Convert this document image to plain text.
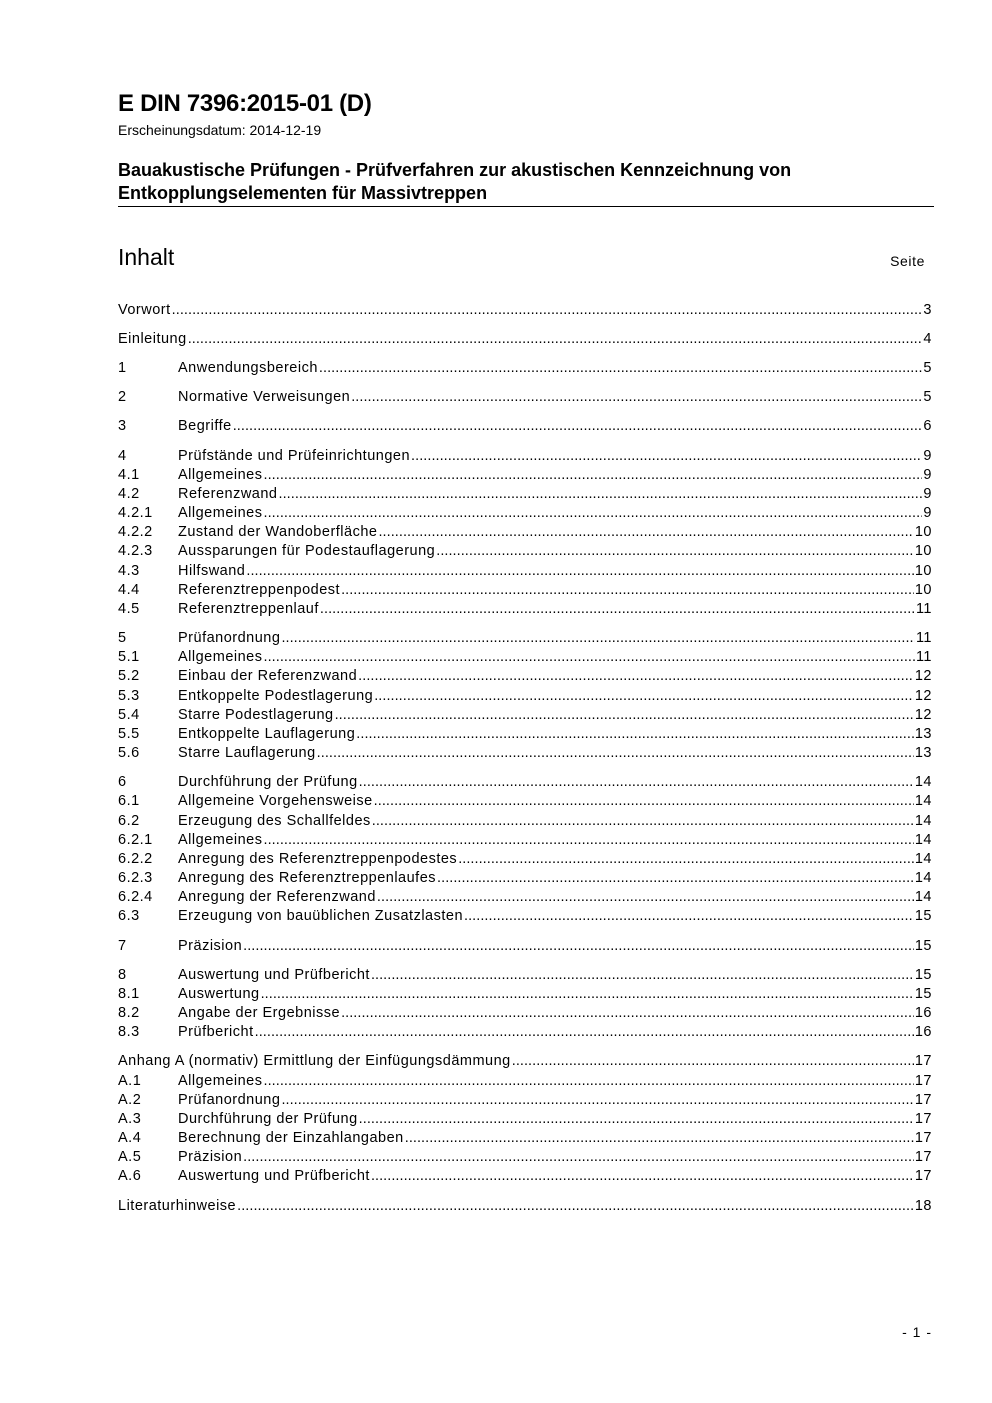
E DIN 7396:2015-01 (D)
Erscheinungsdatum: 2014-12-19
Bauakustische Prüfungen - Prüfverfahren zur akustischen Kennzeichnung von Entkopplungselementen für Massivtreppen
Inhalt	Seite
Vorwort .....	3
Einleitung .....	4
1	Anwendungsbereich .....	5
2	Normative Verweisungen .....	5
3	Begriffe .....	6
4	Prüfstände und Prüfeinrichtungen .....	9
4.1	Allgemeines .....	9
4.2	Referenzwand .....	9
4.2.1	Allgemeines .....	9
4.2.2	Zustand der Wandoberfläche .....	10
4.2.3	Aussparungen für Podestauflagerung .....	10
4.3	Hilfswand .....	10
4.4	Referenztreppenpodest .....	10
4.5	Referenztreppenlauf .....	11
5	Prüfanordnung .....	11
5.1	Allgemeines .....	11
5.2	Einbau der Referenzwand .....	12
5.3	Entkoppelte Podestlagerung .....	12
5.4	Starre Podestlagerung .....	12
5.5	Entkoppelte Lauflagerung .....	13
5.6	Starre Lauflagerung .....	13
6	Durchführung der Prüfung .....	14
6.1	Allgemeine Vorgehensweise .....	14
6.2	Erzeugung des Schallfeldes .....	14
6.2.1	Allgemeines .....	14
6.2.2	Anregung des Referenztreppenpodestes .....	14
6.2.3	Anregung des Referenztreppenlaufes .....	14
6.2.4	Anregung der Referenzwand .....	14
6.3	Erzeugung von bauüblichen Zusatzlasten .....	15
7	Präzision .....	15
8	Auswertung und Prüfbericht .....	15
8.1	Auswertung .....	15
8.2	Angabe der Ergebnisse .....	16
8.3	Prüfbericht .....	16
Anhang A (normativ) Ermittlung der Einfügungsdämmung .....	17
A.1	Allgemeines .....	17
A.2	Prüfanordnung .....	17
A.3	Durchführung der Prüfung .....	17
A.4	Berechnung der Einzahlangaben .....	17
A.5	Präzision .....	17
A.6	Auswertung und Prüfbericht .....	17
Literaturhinweise .....	18
- 1 -
